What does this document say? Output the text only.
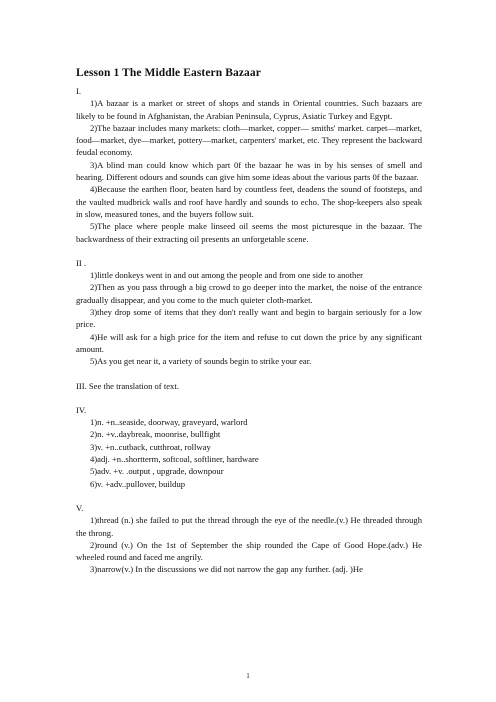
Lesson 1 The Middle Eastern Bazaar

I.

1)A bazaar is a market or street of shops and stands in Oriental countries. Such bazaars are likely to be found in Afghanistan, the Arabian Peninsula, Cyprus, Asiatic Turkey and Egypt.

2)The bazaar includes many markets: cloth—market, copper— smiths' market. carpet—market, food—market, dye—market, pottery—market, carpenters' market, etc. They represent the backward feudal economy.

3)A blind man could know which part 0f the bazaar he was in by his senses of smell and hearing. Different odours and sounds can give him some ideas about the various parts 0f the bazaar.

4)Because the earthen floor, beaten hard by countless feet, deadens the sound of footsteps, and the vaulted mudbrick walls and roof have hardly and sounds to echo. The shop-keepers also speak in slow, measured tones, and the buyers follow suit.

5)The place where people make linseed oil seems the most picturesque in the bazaar. The backwardness of their extracting oil presents an unforgetable scene.

II .

1)little donkeys went in and out among the people and from one side to another

2)Then as you pass through a big crowd to go deeper into the market, the noise of the entrance gradually disappear, and you come to the much quieter cloth-market.

3)they drop some of items that they don't really want and begin to bargain seriously for a low price.

4)He will ask for a high price for the item and refuse to cut down the price by any significant amount.

5)As you get near it, a variety of sounds begin to strike your ear.

III. See the translation of text.

IV.

1)n. +n..seaside, doorway, graveyard, warlord

2)n. +v..daybreak, moonrise, bullfight

3)v. +n..cutback, cutthroat, rollway

4)adj. +n..shortterm, softcoal, softliner, hardware

5)adv. +v. .output , upgrade, downpour

6)v. +adv..pullover, buildup

V.

1)thread (n.) she failed to put the thread through the eye of the needle.(v.) He threaded through the throng.

2)round (v.) On the 1st of September the ship rounded the Cape of Good Hope.(adv.) He wheeled round and faced me angrily.

3)narrow(v.) In the discussions we did not narrow the gap any further. (adj. )He

1
